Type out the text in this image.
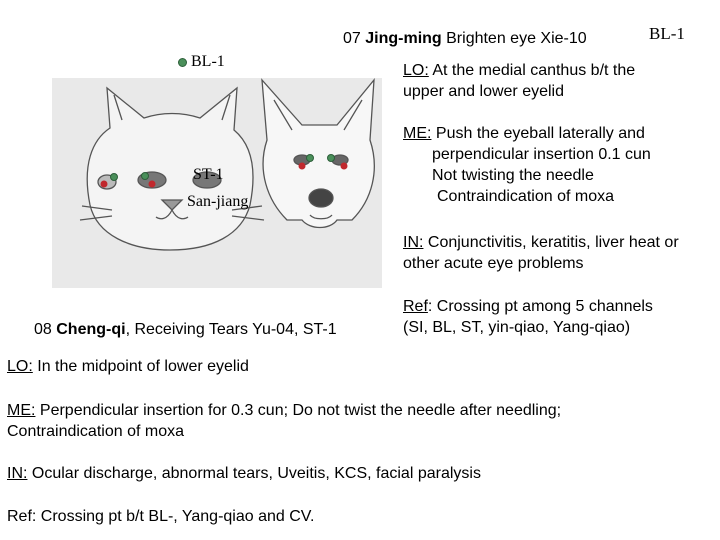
07 Jing-ming Brighten eye Xie-10	BL-1
BL-1
ST-1
San-jiang
LO: At the medial canthus b/t the
upper and lower eyelid
ME: Push the eyeball laterally and
perpendicular insertion 0.1 cun
Not twisting the needle
Contraindication of moxa
IN: Conjunctivitis, keratitis, liver heat or
other acute eye problems
Ref: Crossing pt among 5 channels
(SI, BL, ST, yin-qiao, Yang-qiao)
08 Cheng-qi, Receiving Tears Yu-04, ST-1
LO: In the midpoint of lower eyelid
ME: Perpendicular insertion for 0.3 cun; Do not twist the needle after needling;
Contraindication of moxa
IN: Ocular discharge, abnormal tears, Uveitis, KCS, facial paralysis
Ref: Crossing pt b/t BL-, Yang-qiao and CV.
